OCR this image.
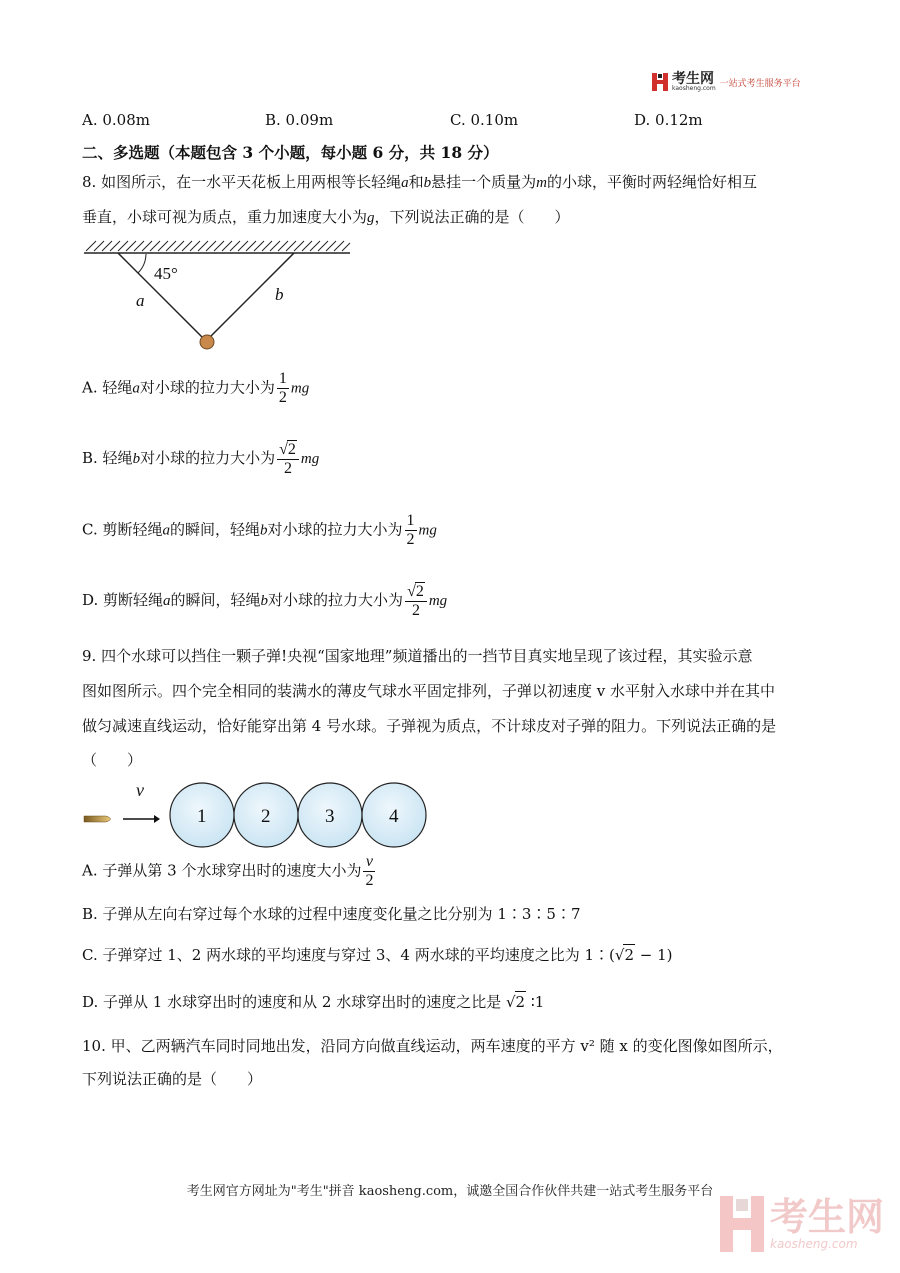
考生网
kaosheng.com 一站式考生服务平台
A. 0.08m	B. 0.09m	C. 0.10m	D. 0.12m
二、多选题（本题包含 3 个小题，每小题 6 分，共 18 分）
8. 如图所示，在一水平天花板上用两根等长轻绳a和b悬挂一个质量为m的小球，平衡时两轻绳恰好相互
垂直，小球可视为质点，重力加速度大小为g，下列说法正确的是（　　）
45°
a	b
A. 轻绳a对小球的拉力大小为 $\frac{1}{2}$ mg
B. 轻绳b对小球的拉力大小为 $\frac{√2}{2}$ mg
C. 剪断轻绳a的瞬间，轻绳b对小球的拉力大小为 $\frac{1}{2}$ mg
D. 剪断轻绳a的瞬间，轻绳b对小球的拉力大小为 $\frac{√2}{2}$ mg
9. 四个水球可以挡住一颗子弹!央视“国家地理”频道播出的一挡节目真实地呈现了该过程，其实验示意
图如图所示。四个完全相同的装满水的薄皮气球水平固定排列，子弹以初速度 v 水平射入水球中并在其中
做匀减速直线运动，恰好能穿出第 4 号水球。子弹视为质点，不计球皮对子弹的阻力。下列说法正确的是
（　　）
v
1	2	3	4
A. 子弹从第 3 个水球穿出时的速度大小为 $\frac{v}{2}$
B. 子弹从左向右穿过每个水球的过程中速度变化量之比分别为 1∶3∶5∶7
C. 子弹穿过 1、2 两水球的平均速度与穿过 3、4 两水球的平均速度之比为 1∶(√2 − 1)
D. 子弹从 1 水球穿出时的速度和从 2 水球穿出时的速度之比是 √2 ∶1
10. 甲、乙两辆汽车同时同地出发，沿同方向做直线运动，两车速度的平方 v² 随 x 的变化图像如图所示，
下列说法正确的是（　　）
考生网官方网址为"考生"拼音 kaosheng.com，诚邀全国合作伙伴共建一站式考生服务平台
考生网
kaosheng.com
